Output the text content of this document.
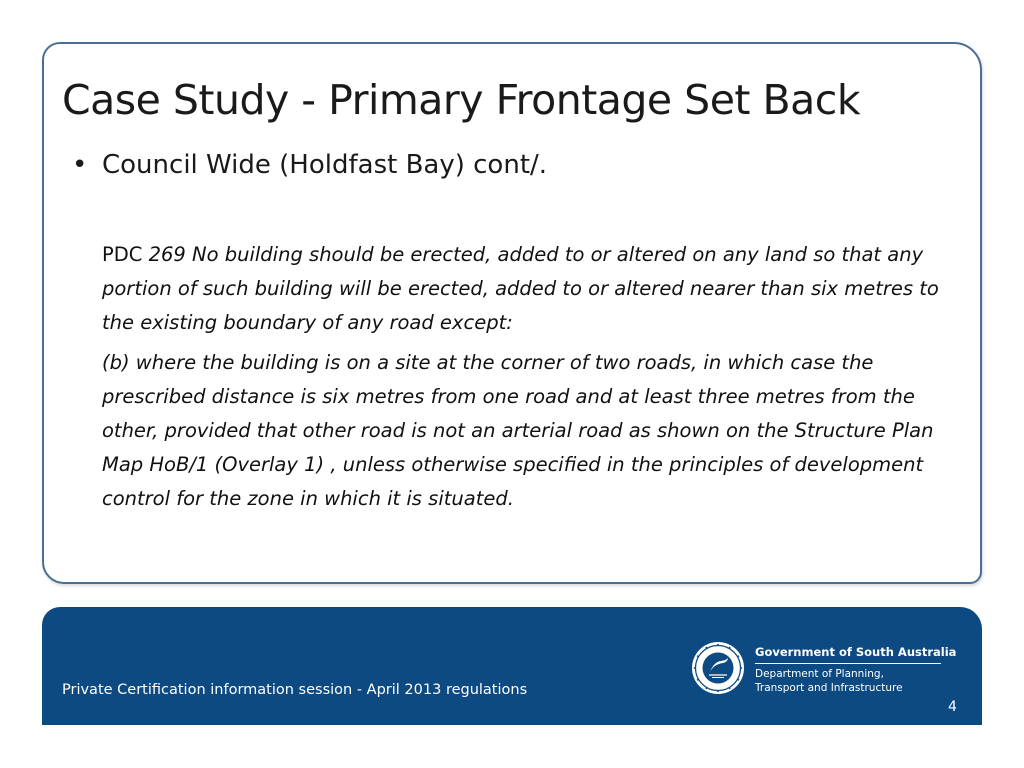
Case Study - Primary Frontage Set Back
• Council Wide (Holdfast Bay) cont/.
PDC 269 No building should be erected, added to or altered on any land so that any portion of such building will be erected, added to or altered nearer than six metres to the existing boundary of any road except:
(b) where the building is on a site at the corner of two roads, in which case the prescribed distance is six metres from one road and at least three metres from the other, provided that other road is not an arterial road as shown on the Structure Plan Map HoB/1 (Overlay 1) , unless otherwise specified in the principles of development control for the zone in which it is situated.
Private Certification information session - April 2013 regulations
Government of South Australia
Department of Planning,
Transport and Infrastructure
4
